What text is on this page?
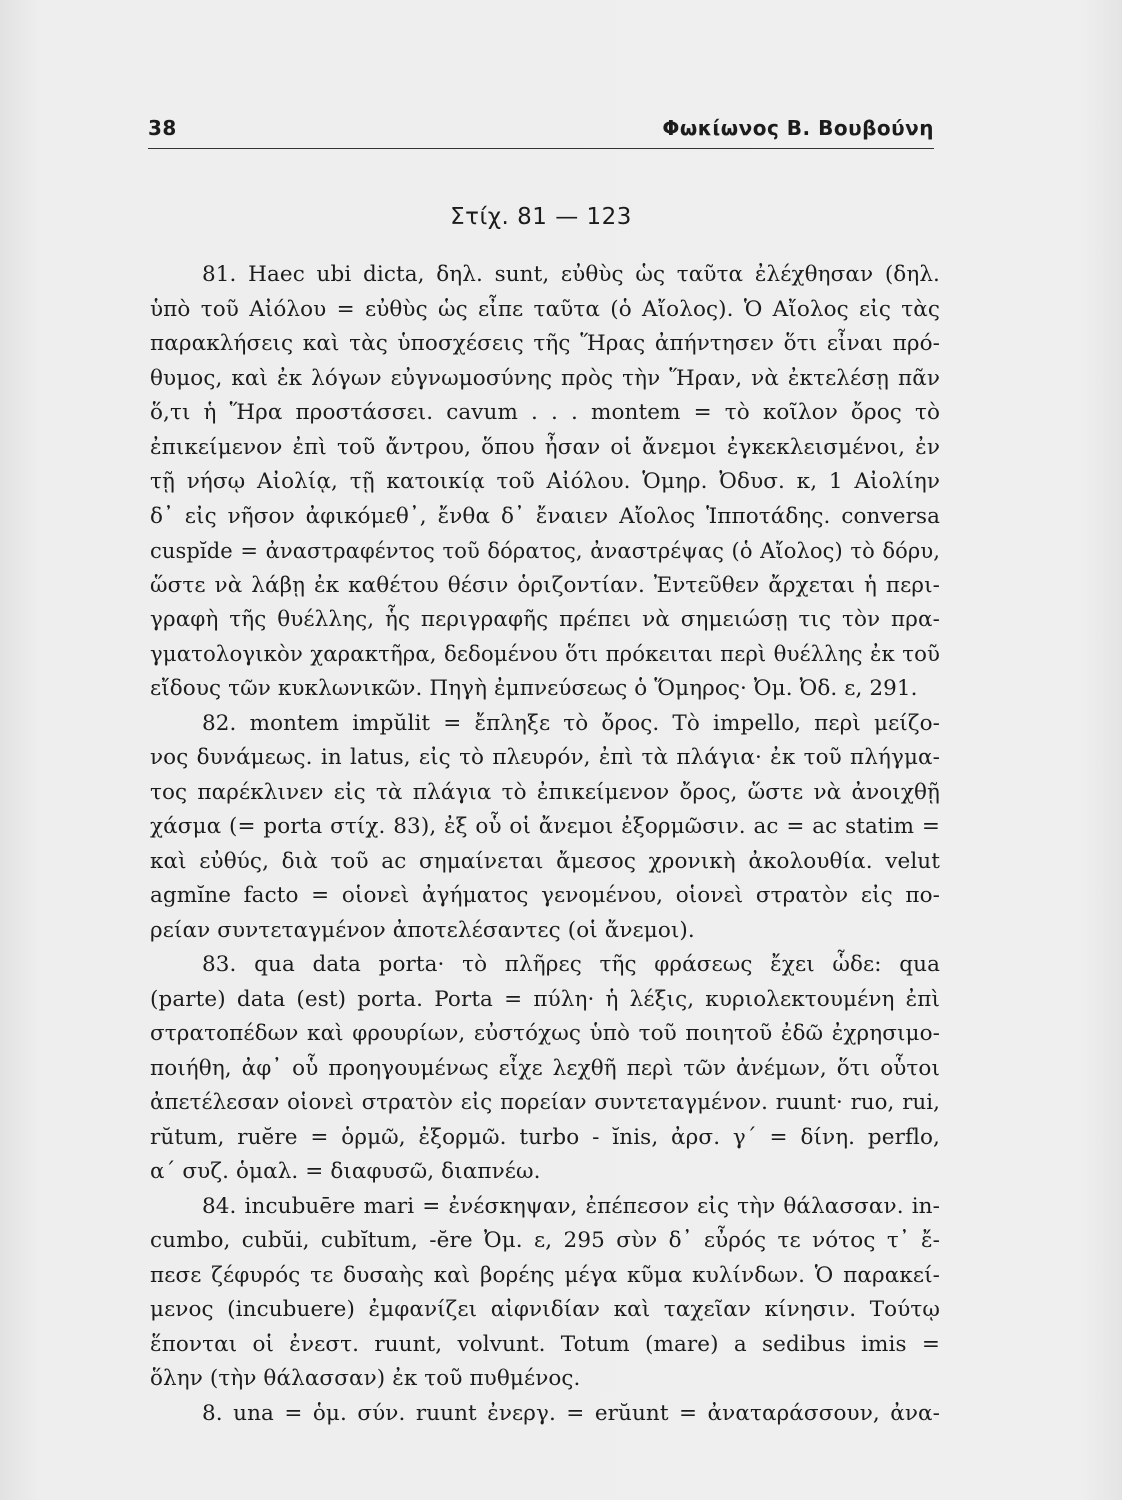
38	Φωκίωνος Β. Βουβούνη
Στίχ. 81 — 123
81. Haec ubi dicta, δηλ. sunt, εὐθὺς ὡς ταῦτα ἐλέχθησαν (δηλ.
ὑπὸ τοῦ Αἰόλου = εὐθὺς ὡς εἶπε ταῦτα (ὁ Αἴολος). Ὁ Αἴολος εἰς τὰς
παρακλήσεις καὶ τὰς ὑποσχέσεις τῆς Ἥρας ἀπήντησεν ὅτι εἶναι πρό-
θυμος, καὶ ἐκ λόγων εὐγνωμοσύνης πρὸς τὴν Ἥραν, νὰ ἐκτελέσῃ πᾶν
ὅ,τι ἡ Ἥρα προστάσσει. cavum . . . montem = τὸ κοῖλον ὄρος τὸ
ἐπικείμενον ἐπὶ τοῦ ἄντρου, ὅπου ἦσαν οἱ ἄνεμοι ἐγκεκλεισμένοι, ἐν
τῇ νήσῳ Αἰολίᾳ, τῇ κατοικίᾳ τοῦ Αἰόλου. Ὁμηρ. Ὀδυσ. κ, 1 Αἰολίην
δ᾿ εἰς νῆσον ἀφικόμεθ᾿, ἔνθα δ᾿ ἔναιεν Αἴολος Ἱπποτάδης. conversa
cuspĭde = ἀναστραφέντος τοῦ δόρατος, ἀναστρέψας (ὁ Αἴολος) τὸ δόρυ,
ὥστε νὰ λάβῃ ἐκ καθέτου θέσιν ὁριζοντίαν. Ἐντεῦθεν ἄρχεται ἡ περι-
γραφὴ τῆς θυέλλης, ἧς περιγραφῆς πρέπει νὰ σημειώσῃ τις τὸν πρα-
γματολογικὸν χαρακτῆρα, δεδομένου ὅτι πρόκειται περὶ θυέλλης ἐκ τοῦ
εἴδους τῶν κυκλωνικῶν. Πηγὴ ἐμπνεύσεως ὁ Ὅμηρος· Ὀμ. Ὀδ. ε, 291.
82. montem impŭlit = ἔπληξε τὸ ὄρος. Τὸ impello, περὶ μείζο-
νος δυνάμεως. in latus, εἰς τὸ πλευρόν, ἐπὶ τὰ πλάγια· ἐκ τοῦ πλήγμα-
τος παρέκλινεν εἰς τὰ πλάγια τὸ ἐπικείμενον ὄρος, ὥστε νὰ ἀνοιχθῇ
χάσμα (= porta στίχ. 83), ἐξ οὗ οἱ ἄνεμοι ἐξορμῶσιν. ac = ac statim =
καὶ εὐθύς, διὰ τοῦ ac σημαίνεται ἄμεσος χρονικὴ ἀκολουθία. velut
agmĭne facto = οἱονεὶ ἀγήματος γενομένου, οἱονεὶ στρατὸν εἰς πο-
ρείαν συντεταγμένον ἀποτελέσαντες (οἱ ἄνεμοι).
83. qua data porta· τὸ πλῆρες τῆς φράσεως ἔχει ὧδε: qua
(parte) data (est) porta. Porta = πύλη· ἡ λέξις, κυριολεκτουμένη ἐπὶ
στρατοπέδων καὶ φρουρίων, εὐστόχως ὑπὸ τοῦ ποιητοῦ ἐδῶ ἐχρησιμο-
ποιήθη, ἀφ᾿ οὗ προηγουμένως εἶχε λεχθῆ περὶ τῶν ἀνέμων, ὅτι οὗτοι
ἀπετέλεσαν οἱονεὶ στρατὸν εἰς πορείαν συντεταγμένον. ruunt· ruo, rui,
rŭtum, ruĕre = ὁρμῶ, ἐξορμῶ. turbo - ĭnis, ἀρσ. γ΄ = δίνη. perflo,
α΄ συζ. ὁμαλ. = διαφυσῶ, διαπνέω.
84. incubuēre mari = ἐνέσκηψαν, ἐπέπεσον εἰς τὴν θάλασσαν. in-
cumbo, cubŭi, cubĭtum, -ĕre Ὀμ. ε, 295 σὺν δ᾿ εὖρός τε νότος τ᾿ ἔ-
πεσε ζέφυρός τε δυσαὴς καὶ βορέης μέγα κῦμα κυλίνδων. Ὁ παρακεί-
μενος (incubuere) ἐμφανίζει αἰφνιδίαν καὶ ταχεῖαν κίνησιν. Τούτῳ
ἕπονται οἱ ἐνεστ. ruunt, volvunt. Totum (mare) a sedibus imis =
ὅλην (τὴν θάλασσαν) ἐκ τοῦ πυθμένος.
8. una = ὁμ. σύν. ruunt ἐνεργ. = erŭunt = ἀναταράσσουν, ἀνα-
